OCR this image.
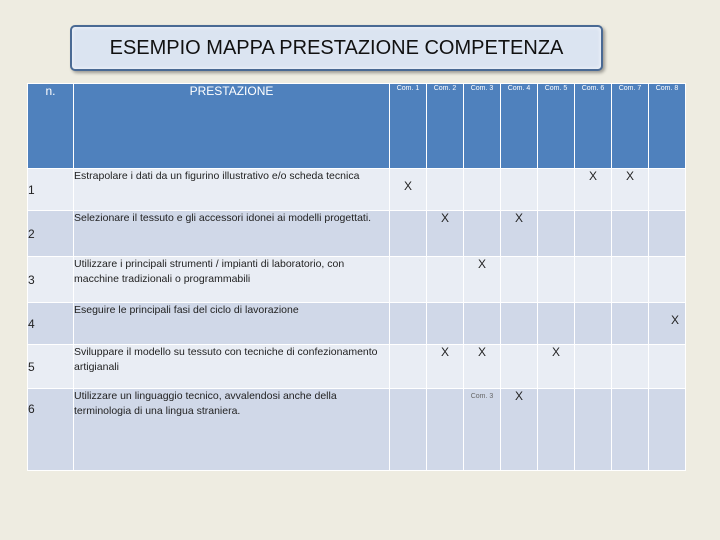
ESEMPIO MAPPA PRESTAZIONE COMPETENZA
n.	PRESTAZIONE	Com. 1	Com. 2	Com. 3	Com. 4	Com. 5	Com. 6	Com. 7	Com. 8
1	Estrapolare i dati da un figurino illustrativo e/o scheda tecnica	X					X	X	
2	Selezionare il tessuto e gli accessori idonei ai modelli progettati.		X		X				
3	Utilizzare i principali strumenti / impianti di laboratorio, con macchine tradizionali o programmabili			X					
4	Eseguire le principali fasi del ciclo di lavorazione								X
5	Sviluppare il modello su tessuto con tecniche di confezionamento artigianali		X	X		X			
6	Utilizzare un linguaggio tecnico, avvalendosi anche della terminologia di una lingua straniera.			Com. 3	X				
